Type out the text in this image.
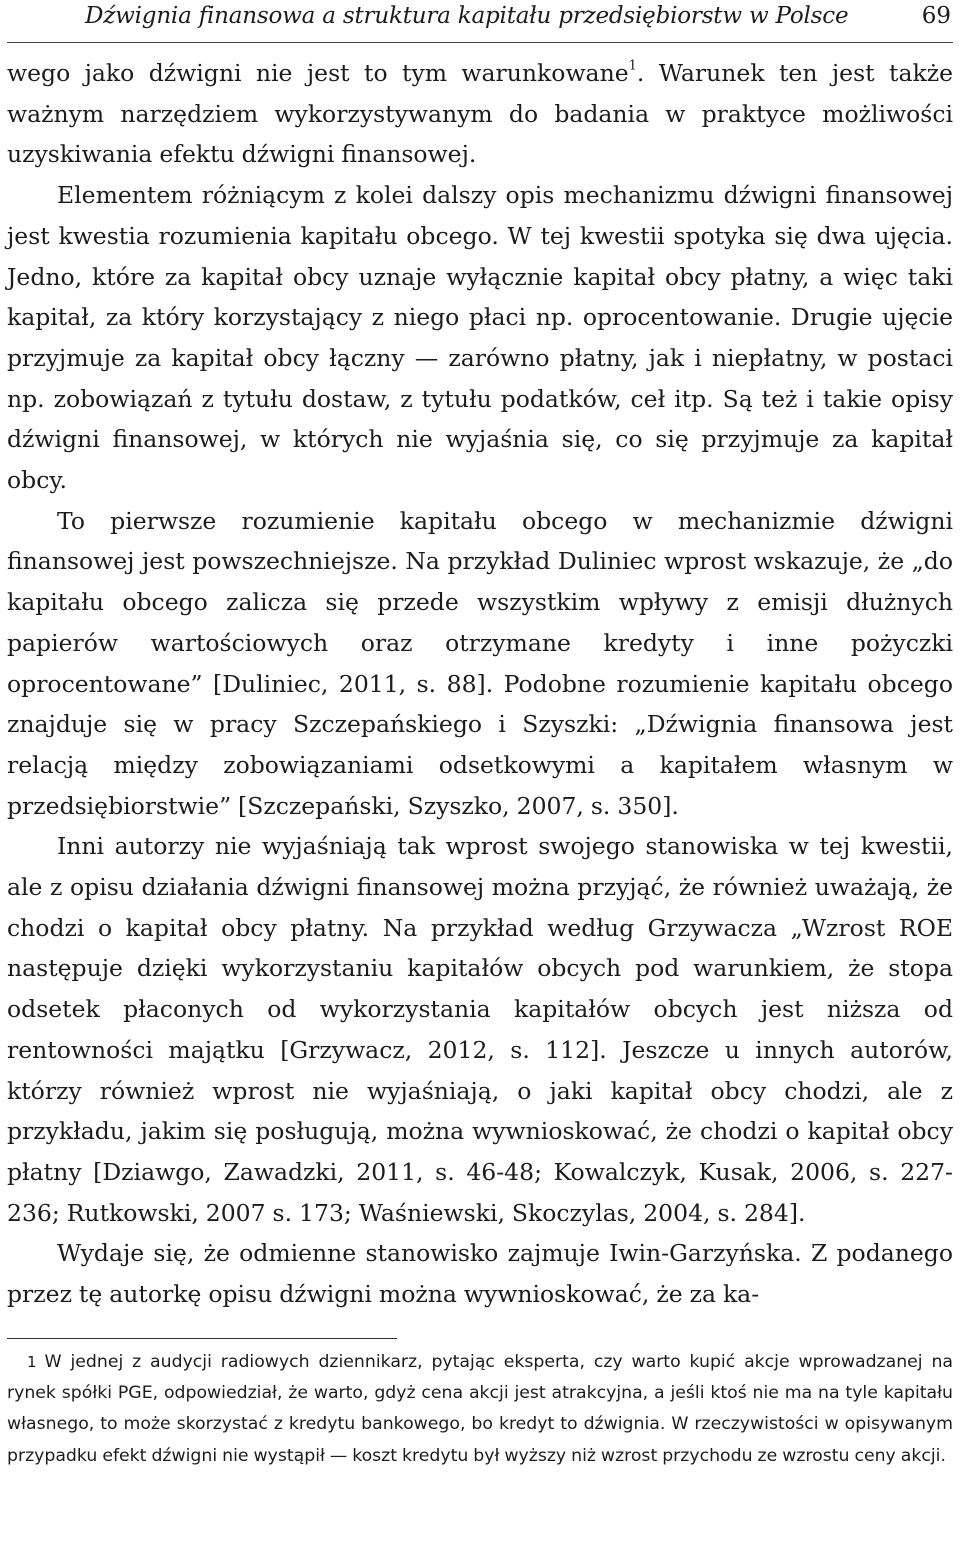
Dźwignia finansowa a struktura kapitału przedsiębiorstw w Polsce	69

wego jako dźwigni nie jest to tym warunkowane$^1$. Warunek ten jest także ważnym narzędziem wykorzystywanym do badania w praktyce możliwości uzyskiwania efektu dźwigni finansowej.

Elementem różniącym z kolei dalszy opis mechanizmu dźwigni finansowej jest kwestia rozumienia kapitału obcego. W tej kwestii spotyka się dwa ujęcia. Jedno, które za kapitał obcy uznaje wyłącznie kapitał obcy płatny, a więc taki kapitał, za który korzystający z niego płaci np. oprocentowanie. Drugie ujęcie przyjmuje za kapitał obcy łączny — zarówno płatny, jak i niepłatny, w postaci np. zobowiązań z tytułu dostaw, z tytułu podatków, ceł itp. Są też i takie opisy dźwigni finansowej, w których nie wyjaśnia się, co się przyjmuje za kapitał obcy.

To pierwsze rozumienie kapitału obcego w mechanizmie dźwigni finansowej jest powszechniejsze. Na przykład Duliniec wprost wskazuje, że „do kapitału obcego zalicza się przede wszystkim wpływy z emisji dłużnych papierów wartościowych oraz otrzymane kredyty i inne pożyczki oprocentowane” [Duliniec, 2011, s. 88]. Podobne rozumienie kapitału obcego znajduje się w pracy Szczepańskiego i Szyszki: „Dźwignia finansowa jest relacją między zobowiązaniami odsetkowymi a kapitałem własnym w przedsiębiorstwie” [Szczepański, Szyszko, 2007, s. 350].

Inni autorzy nie wyjaśniają tak wprost swojego stanowiska w tej kwestii, ale z opisu działania dźwigni finansowej można przyjąć, że również uważają, że chodzi o kapitał obcy płatny. Na przykład według Grzywacza „Wzrost ROE następuje dzięki wykorzystaniu kapitałów obcych pod warunkiem, że stopa odsetek płaconych od wykorzystania kapitałów obcych jest niższa od rentowności majątku [Grzywacz, 2012, s. 112]. Jeszcze u innych autorów, którzy również wprost nie wyjaśniają, o jaki kapitał obcy chodzi, ale z przykładu, jakim się posługują, można wywnioskować, że chodzi o kapitał obcy płatny [Dziawgo, Zawadzki, 2011, s. 46-48; Kowalczyk, Kusak, 2006, s. 227-236; Rutkowski, 2007 s. 173; Waśniewski, Skoczylas, 2004, s. 284].

Wydaje się, że odmienne stanowisko zajmuje Iwin-Garzyńska. Z podanego przez tę autorkę opisu dźwigni można wywnioskować, że za ka-

1 W jednej z audycji radiowych dziennikarz, pytając eksperta, czy warto kupić akcje wprowadzanej na rynek spółki PGE, odpowiedział, że warto, gdyż cena akcji jest atrakcyjna, a jeśli ktoś nie ma na tyle kapitału własnego, to może skorzystać z kredytu bankowego, bo kredyt to dźwignia. W rzeczywistości w opisywanym przypadku efekt dźwigni nie wystąpił — koszt kredytu był wyższy niż wzrost przychodu ze wzrostu ceny akcji.
